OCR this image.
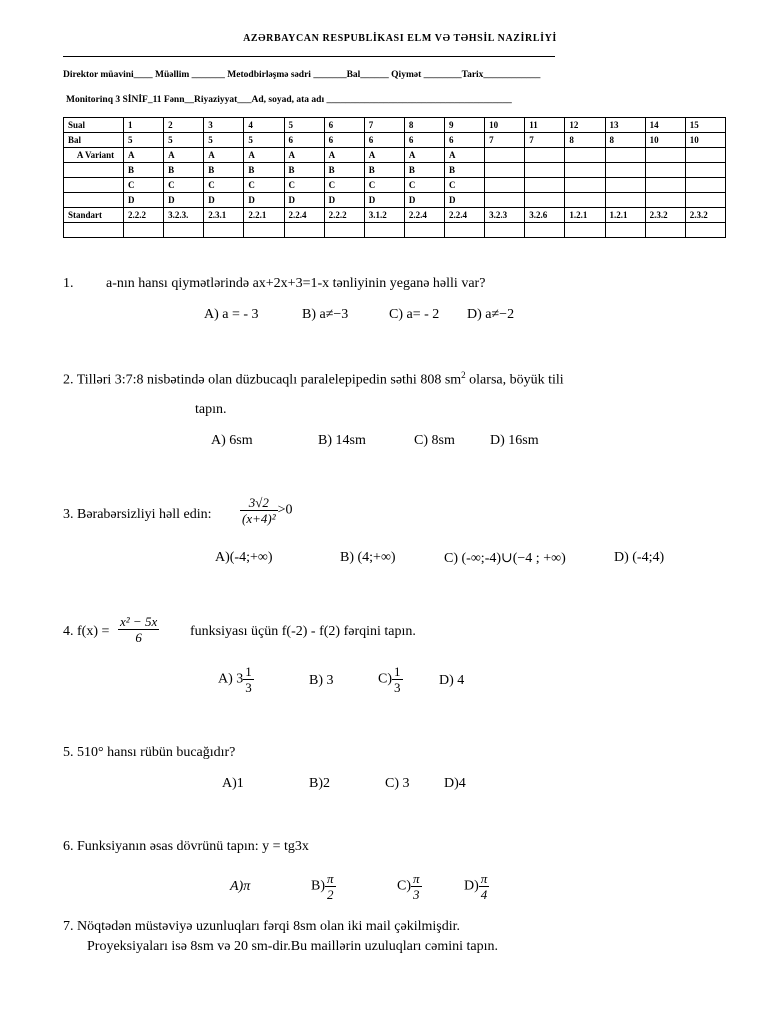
AZƏRBAYCAN RESPUBLİKASI ELM VƏ TƏHSİL NAZİRLİYİ
Direktor müavini____ Müəllim _______ Metodbirləşmə sədri _______Bal______ Qiymət ________Tarix____________
Monitorinq 3 SİNİF_11 Fənn__Riyaziyyat___Ad, soyad, ata adı _______________________________________
Sual	1	2	3	4	5	6	7	8	9	10	11	12	13	14	15
Bal	5	5	5	5	6	6	6	6	6	7	7	8	8	10	10
A Variant	A	A	A	A	A	A	A	A	A						
	B	B	B	B	B	B	B	B	B						
	C	C	C	C	C	C	C	C	C						
	D	D	D	D	D	D	D	D	D						
Standart	2.2.2	3.2.3.	2.3.1	2.2.1	2.2.4	2.2.2	3.1.2	2.2.4	2.2.4	3.2.3	3.2.6	1.2.1	1.2.1	2.3.2	2.3.2

1. a-nın hansı qiymətlərində ax+2x+3=1-x tənliyinin yeganə həlli var?
A) a = - 3	B) a≠−3	C) a= - 2 D) a≠−2
2. Tilləri 3:7:8 nisbətində olan düzbucaqlı paralelepipedin səthi 808 $sm^2$ olarsa, böyük tili
tapın.
A) 6sm	B) 14sm	C) 8sm	D) 16sm
3. Bərabərsizliyi həll edin: $\frac{3√2}{\text{(x+4)²}} >0$
A)(-4;+∞)	B) (4;+∞)	C) (-∞;-4)∪(−4 ; +∞)	D) (-4;4)
4. $f(x) = \frac{\text{x² − 5x}}{6}$ funksiyası üçün f(-2) - f(2) fərqini tapın.
A) $3 \frac{1}{3}$	B) 3	$C) \frac{1}{3}$	D) 4
5. 510° hansı rübün bucağıdır?
A)1	B)2	C) 3 D)4
6. Funksiyanın əsas dövrünü tapın: y = tg3x
A)π	$B) \frac{\pi}{2}$	$C) \frac{\pi}{3}$	$D) \frac{\pi}{4}$
7. Nöqtədən müstəviyə uzunluqları fərqi 8sm olan iki mail çəkilmişdir.
Proyeksiyaları isə 8sm və 20 sm-dir.Bu maillərin uzuluqları cəmini tapın.
